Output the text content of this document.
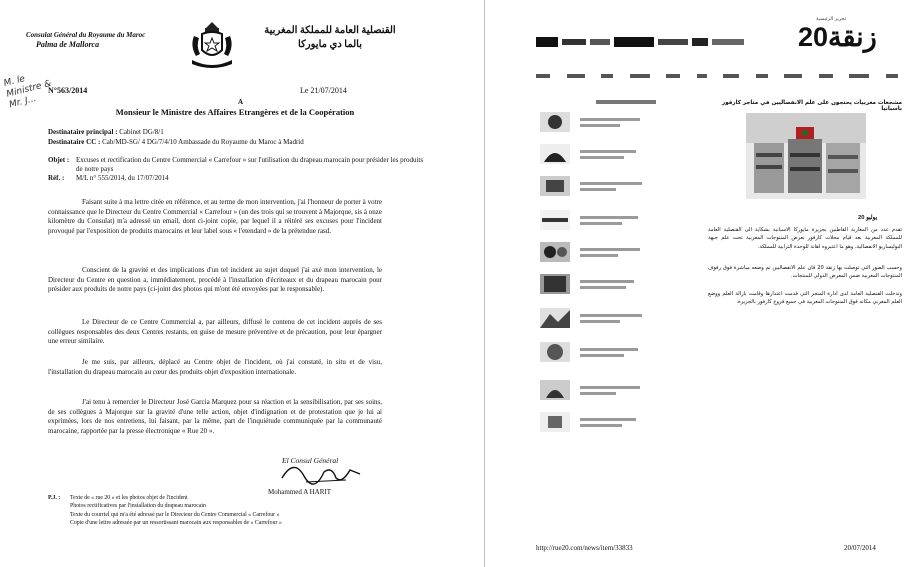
Consulat Général du Royaume du Maroc
Palma de Mallorca
القنصلية العامة للمملكة المغربية
بالما دي مايوركا
M. le Ministre & Mr. J...
N°563/2014	Le 21/07/2014
A
Monsieur le Ministre des Affaires Etrangères et de la Coopération
Destinataire principal : Cabinet DG/8/1
Destinataire CC : Cab/MD-SG/ 4 DG/7/4/10 Ambassade du Royaume du Maroc à Madrid
Objet : Excuses et rectification du Centre Commercial « Carrefour » sur l'utilisation du drapeau marocain pour présider les produits de notre pays
Réf. :	M/L n° 555/2014, du 17/07/2014

Faisant suite à ma lettre citée en référence, et au terme de mon intervention, j'ai l'honneur de porter à votre connaissance que le Directeur du Centre Commercial « Carrefour » (un des trois qui se trouvent à Majorque, sis à onze kilomètre du Consulat) m'a adressé un email, dont ci-joint copie, par lequel il a réitéré ses excuses pour l'incident provoqué par l'exposition de produits marocains et leur label sous « l'etendard » de la prétendue rasd.

Conscient de la gravité et des implications d'un tel incident au sujet duquel j'ai axé mon intervention, le Directeur du Centre en question a, immédiatement, procédé à l'installation d'écriteaux et du drapeau marocain pour présider aux produits de notre pays (ci-joint des photos qui m'ont été envoyées par le responsable).

Le Directeur de ce Centre Commercial a, par ailleurs, diffusé le contenu de cet incident auprès de ses collègues responsables des deux Centres restants, en guise de mesure préventive et de précaution, pour leur épargner une erreur similaire.

Je me suis, par ailleurs, déplacé au Centre objet de l'incident, où j'ai constaté, in situ et de visu, l'installation du drapeau marocain au cœur des produits objet d'exposition internationale.

J'ai tenu à remercier le Directeur José Garcia Marquez pour sa réaction et la sensibilisation, par ses soins, de ses collègues à Majorque sur la gravité d'une telle action, objet d'indignation et de protestation que je lui ai exprimées, lors de nos entretiens, lui faisant, par la même, part de l'inquiétude communiquée par la communauté marocaine, rapportée par la presse électronique « Rue 20 ».

El Consul Général
Mohammed A HARIT
P.J. :	Texte de « rue 20 » et les photos objet de l'incident
Photos rectificatives par l'installation du drapeau marocain
Texte du courriel qui m'a été adressé par le Directeur du Centre Commercial « Carrefour »
Copie d'une lettre adressée par un ressortissant marocain aux responsables de « Carrefour »
تحرير الرئيسية
زنقة20
مشجعات مغربيات يحتجون على علم الانفصاليين في متاجر كارفور باسبانيا
20 يوليو

تقدم عدد من المغاربة القاطنين بجزيرة مايوركا الاسبانية بشكاية الى القنصلية العامة للمملكة المغربية بعد قيام محلات كارفور بعرض المنتوجات المغربية تحت علم جبهة البوليساريو الانفصالية، وهو ما اعتبروه اهانة للوحدة الترابية للمملكة.

وحسب الصور التي توصلت بها زنقة 20 فان علم الانفصاليين تم وضعه مباشرة فوق رفوف المنتوجات المغربية ضمن المعرض الدولي للمنتجات.

وتدخلت القنصلية العامة لدى ادارة المتجر التي قدمت اعتذارها وقامت بازالة العلم ووضع العلم المغربي مكانه فوق المنتوجات المغربية في جميع فروع كارفور بالجزيرة.

http://rue20.com/news/item/33833	20/07/2014
